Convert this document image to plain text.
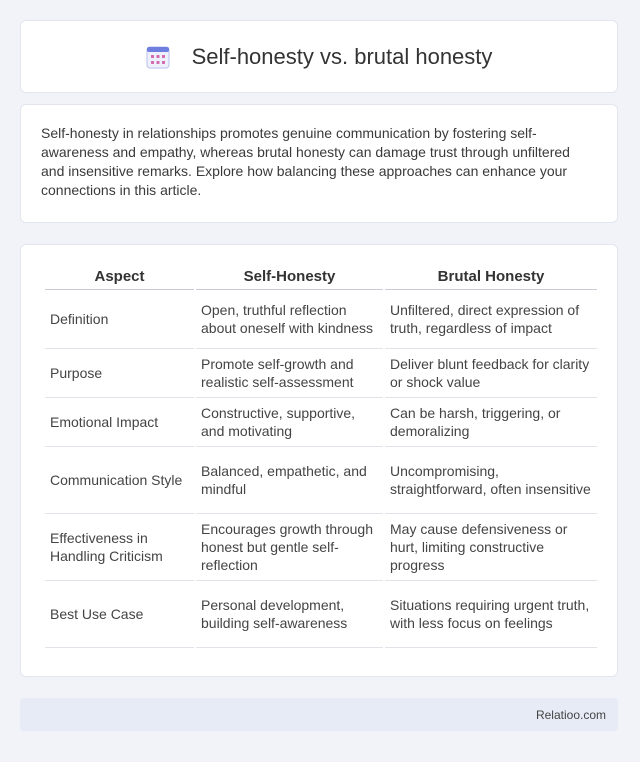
Self-honesty vs. brutal honesty

Self-honesty in relationships promotes genuine communication by fostering self-awareness and empathy, whereas brutal honesty can damage trust through unfiltered and insensitive remarks. Explore how balancing these approaches can enhance your connections in this article.

Aspect	Self-Honesty	Brutal Honesty
Definition	Open, truthful reflection about oneself with kindness	Unfiltered, direct expression of truth, regardless of impact
Purpose	Promote self-growth and realistic self-assessment	Deliver blunt feedback for clarity or shock value
Emotional Impact	Constructive, supportive, and motivating	Can be harsh, triggering, or demoralizing
Communication Style	Balanced, empathetic, and mindful	Uncompromising, straightforward, often insensitive
Effectiveness in Handling Criticism	Encourages growth through honest but gentle self-reflection	May cause defensiveness or hurt, limiting constructive progress
Best Use Case	Personal development, building self-awareness	Situations requiring urgent truth, with less focus on feelings
Relatioo.com
